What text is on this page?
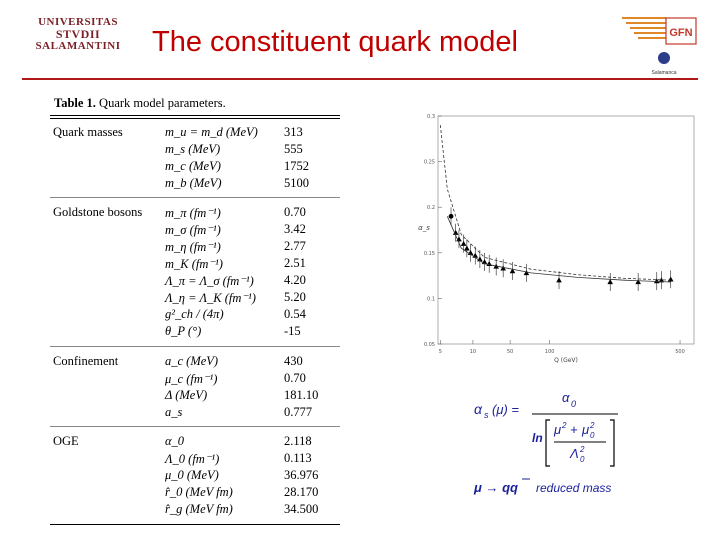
UNIVERSITAS
STVDII
SALAMANTINI The constituent quark model	GFN
Salamanca
Table 1. Quark model parameters.
Quark masses	m_u = m_d (MeV) 313
m_s (MeV)	555
m_c (MeV)	1752
m_b (MeV)	5100
Goldstone bosons m_π (fm⁻¹)	0.70
m_σ (fm⁻¹)	3.42
m_η (fm⁻¹)	2.77
m_K (fm⁻¹)	2.51
Λ_π = Λ_σ (fm⁻¹) 4.20
Λ_η = Λ_K (fm⁻¹) 5.20
g²_ch / (4π)	0.54
θ_P (°)	-15
Confinement	a_c (MeV)	430
μ_c (fm⁻¹)	0.70
Δ (MeV)	181.10
a_s	0.777
OGE	α_0	2.118
Λ_0 (fm⁻¹)	0.113
μ_0 (MeV)	36.976
r̂_0 (MeV fm)	28.170
r̂_g (MeV fm)	34.500
0.3
0.25
0.2
0.15
0.1
0.05
5	10	50	100	500
Q (GeV)
α_s
α s (μ) =
α 0
ln
μ 2 + μ 2
0
Λ 2
0
μ → qq reduced mass
